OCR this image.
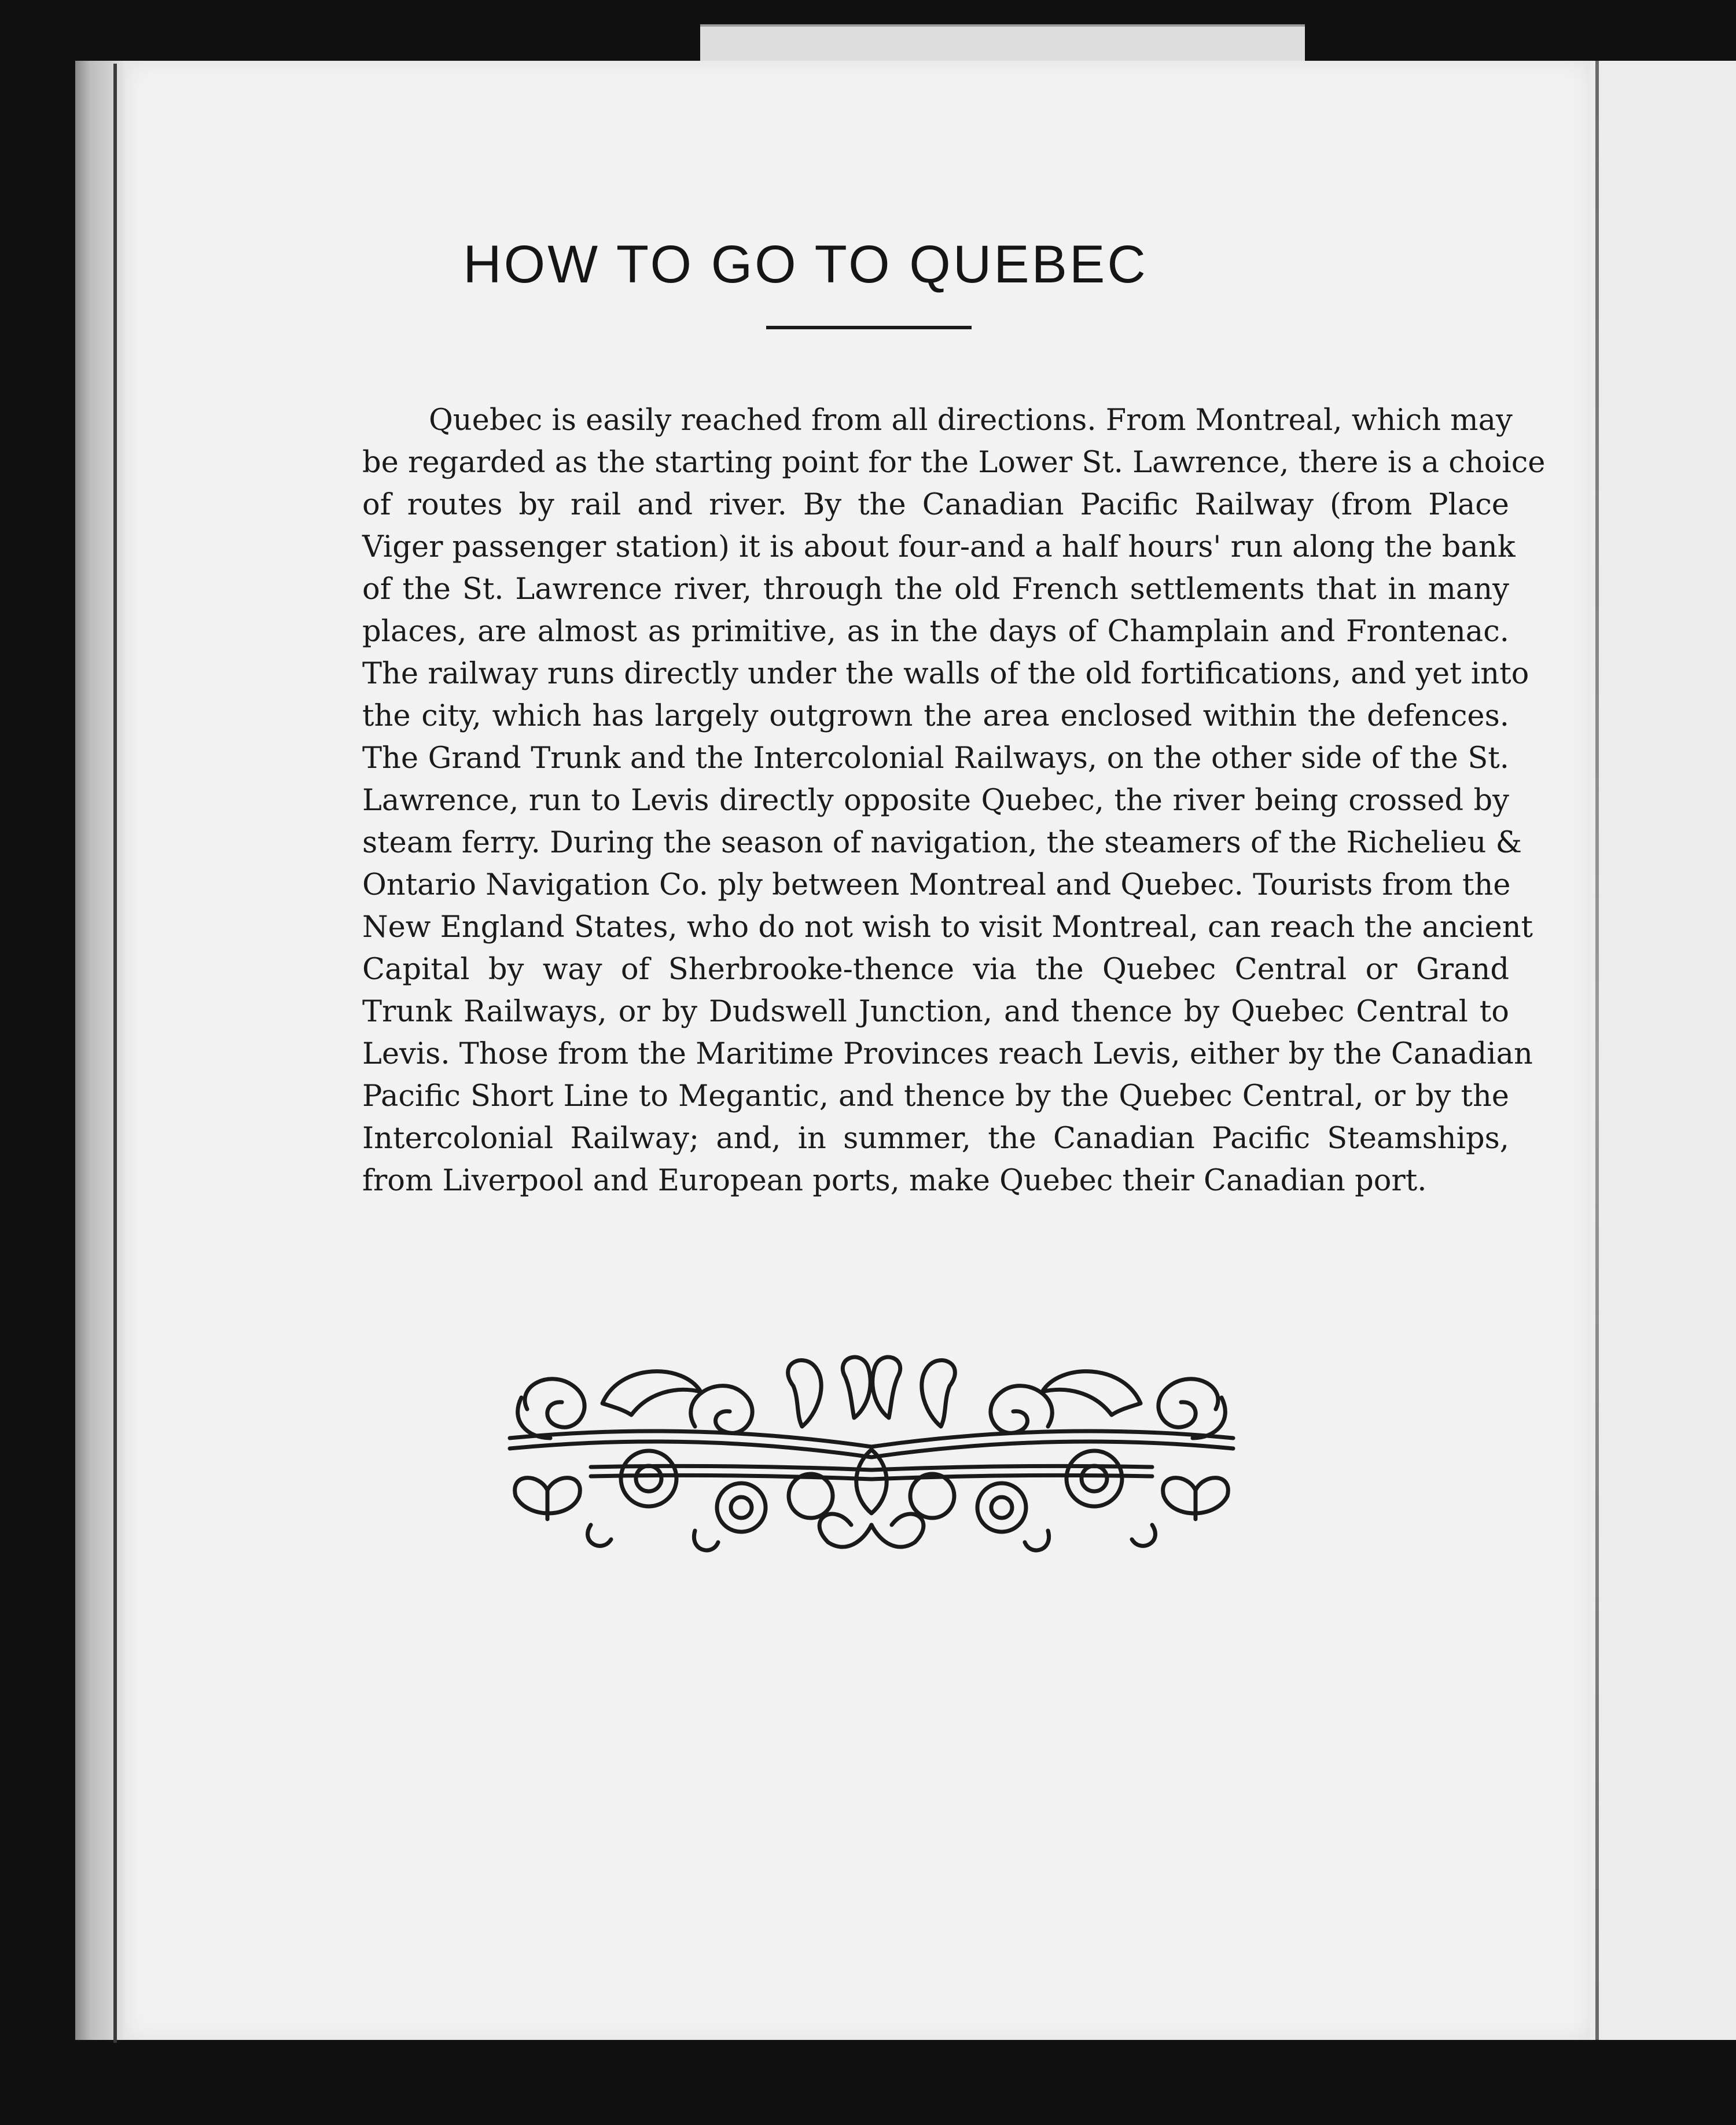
HOW TO GO TO QUEBEC
Quebec is easily reached from all directions. From Montreal, which may
be regarded as the starting point for the Lower St. Lawrence, there is a choice
of routes by rail and river. By the Canadian Pacific Railway (from Place
Viger passenger station) it is about four-and a half hours' run along the bank
of the St. Lawrence river, through the old French settlements that in many
places, are almost as primitive, as in the days of Champlain and Frontenac.
The railway runs directly under the walls of the old fortifications, and yet into
the city, which has largely outgrown the area enclosed within the defences.
The Grand Trunk and the Intercolonial Railways, on the other side of the St.
Lawrence, run to Levis directly opposite Quebec, the river being crossed by
steam ferry. During the season of navigation, the steamers of the Richelieu &
Ontario Navigation Co. ply between Montreal and Quebec. Tourists from the
New England States, who do not wish to visit Montreal, can reach the ancient
Capital by way of Sherbrooke-thence via the Quebec Central or Grand
Trunk Railways, or by Dudswell Junction, and thence by Quebec Central to
Levis. Those from the Maritime Provinces reach Levis, either by the Canadian
Pacific Short Line to Megantic, and thence by the Quebec Central, or by the
Intercolonial Railway; and, in summer, the Canadian Pacific Steamships,
from Liverpool and European ports, make Quebec their Canadian port.
